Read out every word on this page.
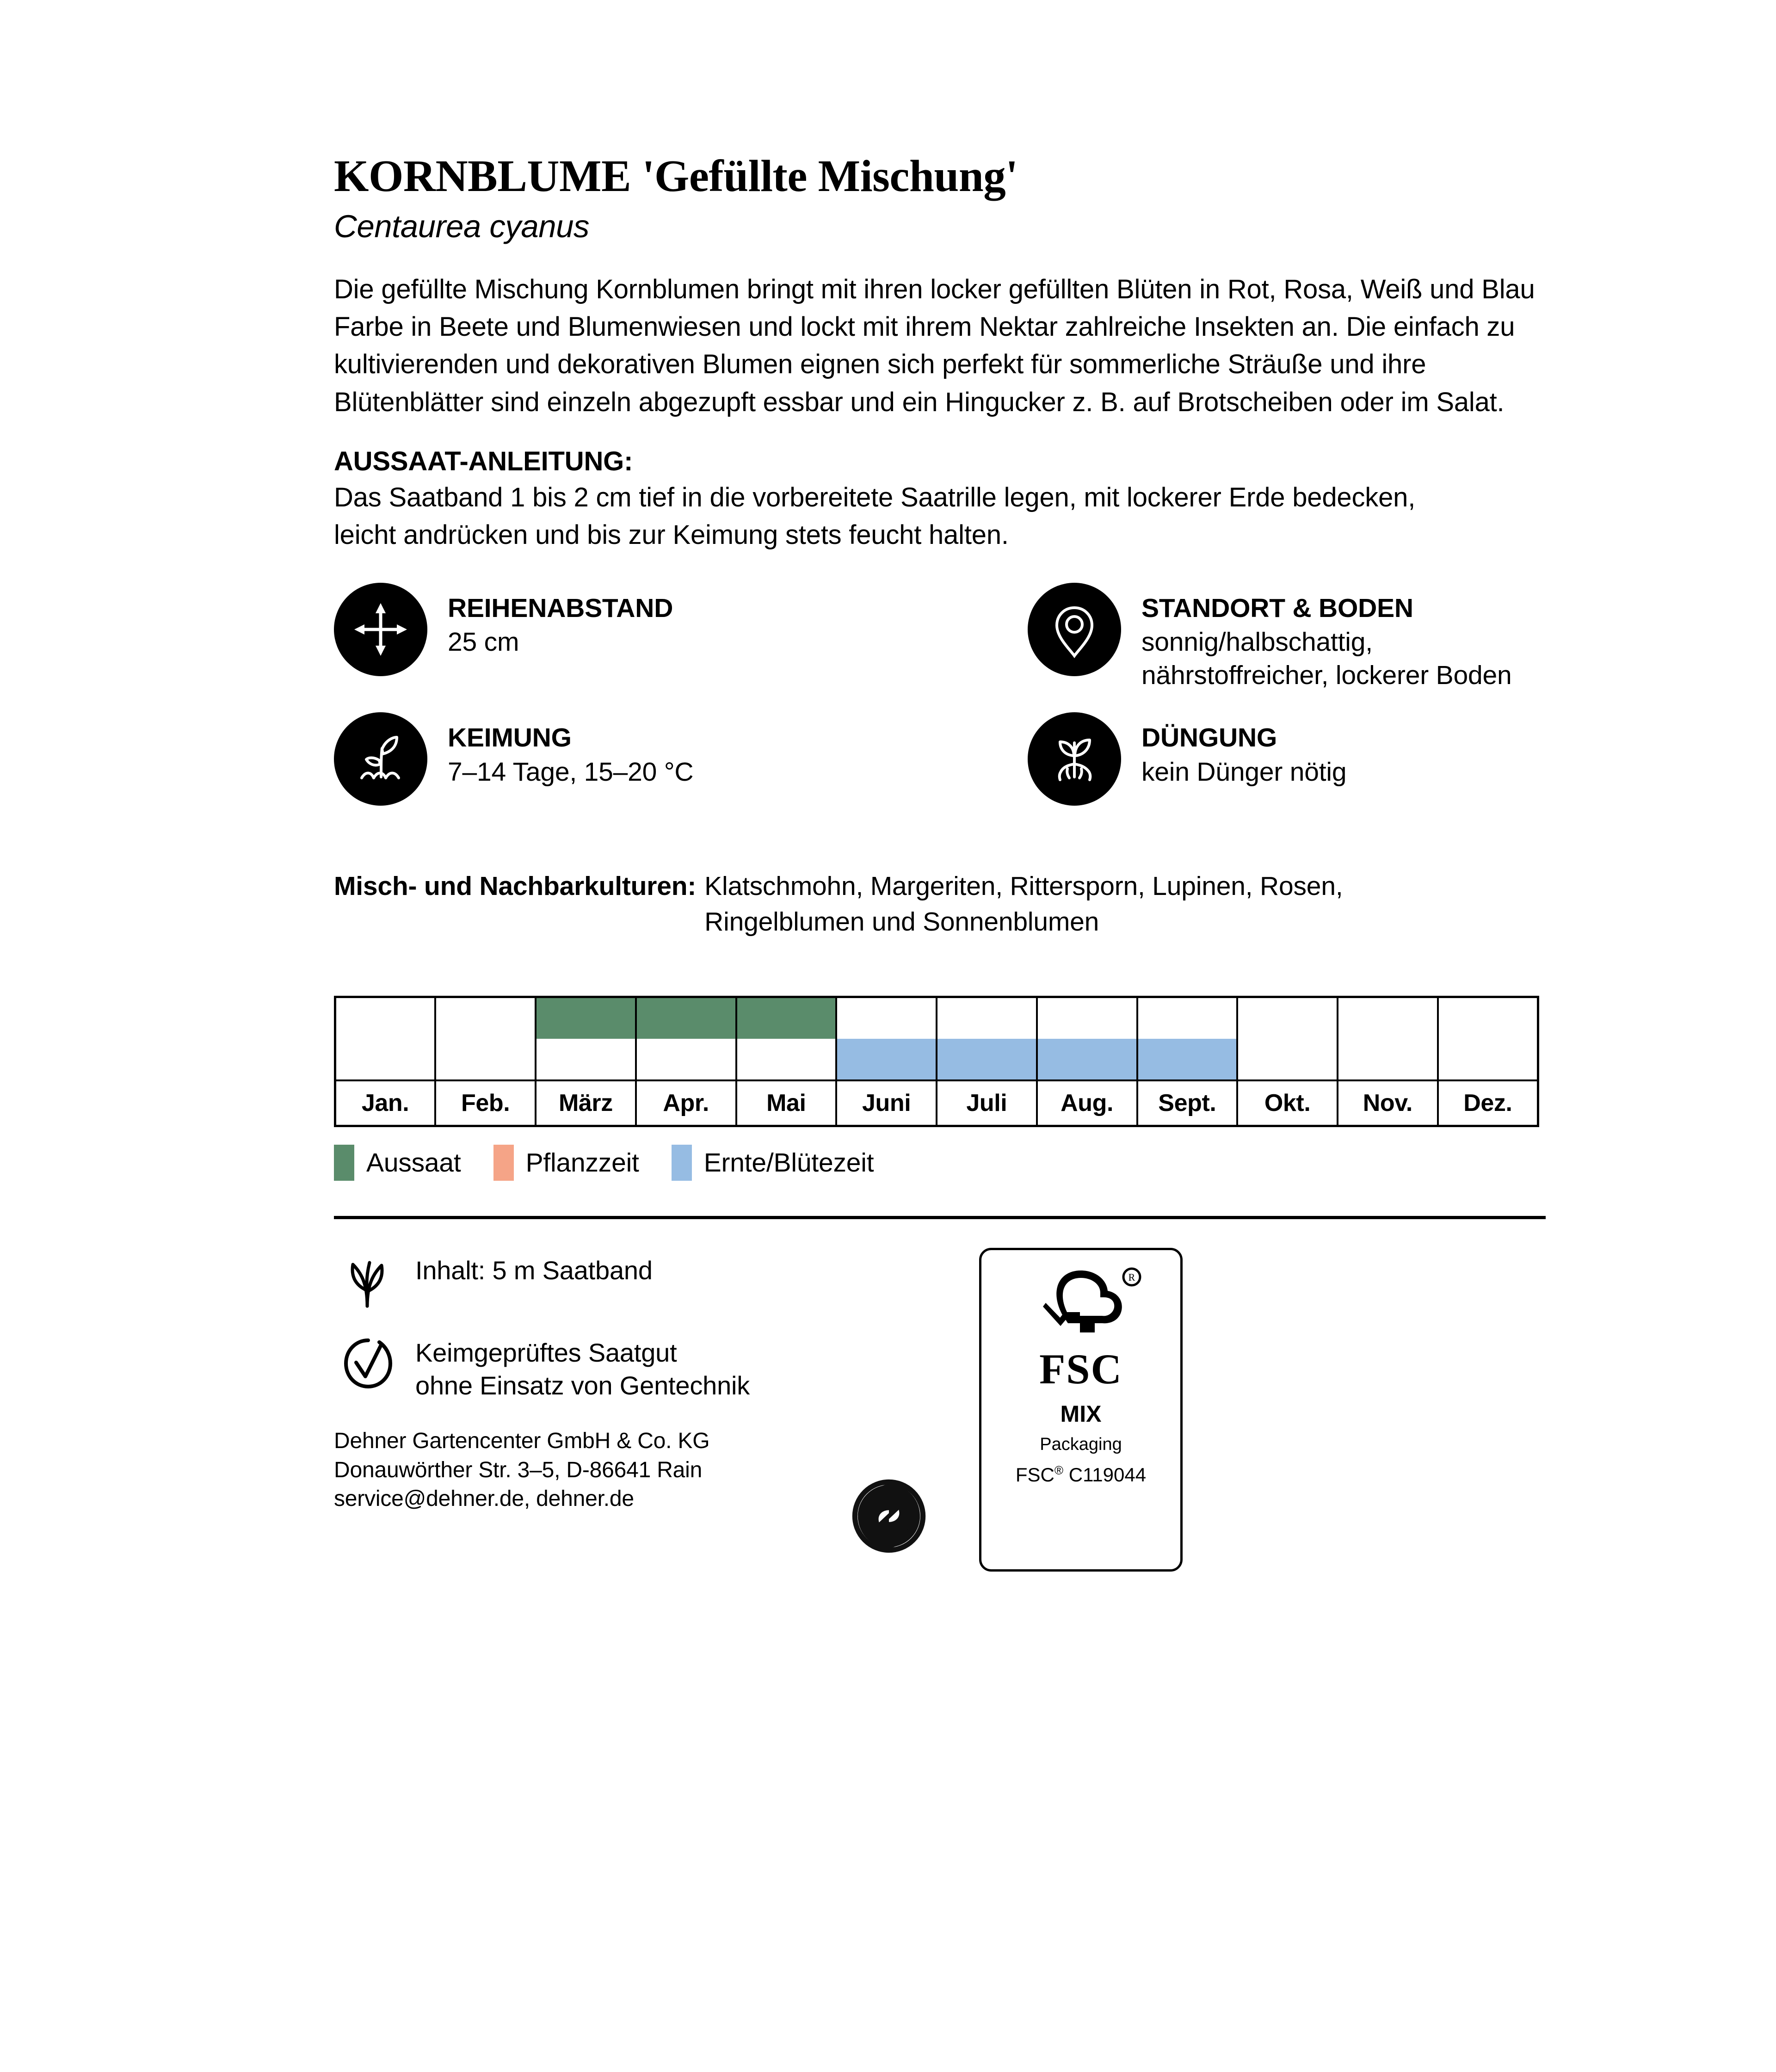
KORNBLUME 'Gefüllte Mischung'
Centaurea cyanus
Die gefüllte Mischung Kornblumen bringt mit ihren locker gefüllten Blüten in Rot, Rosa, Weiß und Blau Farbe in Beete und Blumenwiesen und lockt mit ihrem Nektar zahlreiche Insekten an. Die einfach zu kultivierenden und dekorativen Blumen eignen sich perfekt für sommerliche Sträuße und ihre Blütenblätter sind einzeln abgezupft essbar und ein Hingucker z. B. auf Brotscheiben oder im Salat.
AUSSAAT-ANLEITUNG:
Das Saatband 1 bis 2 cm tief in die vorbereitete Saatrille legen, mit lockerer Erde bedecken, leicht andrücken und bis zur Keimung stets feucht halten.
REIHENABSTAND
25 cm
STANDORT & BODEN
sonnig/halbschattig, nährstoffreicher, lockerer Boden
KEIMUNG
7–14 Tage, 15–20 °C
DÜNGUNG
kein Dünger nötig
Misch- und Nachbarkulturen: Klatschmohn, Margeriten, Rittersporn, Lupinen, Rosen, Ringelblumen und Sonnenblumen

Jan.	Feb.	März	Apr.	Mai	Juni	Juli	Aug.	Sept.	Okt.	Nov.	Dez.
Aussaat Pflanzzeit Ernte/Blütezeit
Inhalt: 5 m Saatband
Keimgeprüftes Saatgut
ohne Einsatz von Gentechnik
Dehner Gartencenter GmbH & Co. KG
Donauwörther Str. 3–5, D-86641 Rain
service@dehner.de, dehner.de
R
FSC
MIX
Packaging
FSC® C119044
